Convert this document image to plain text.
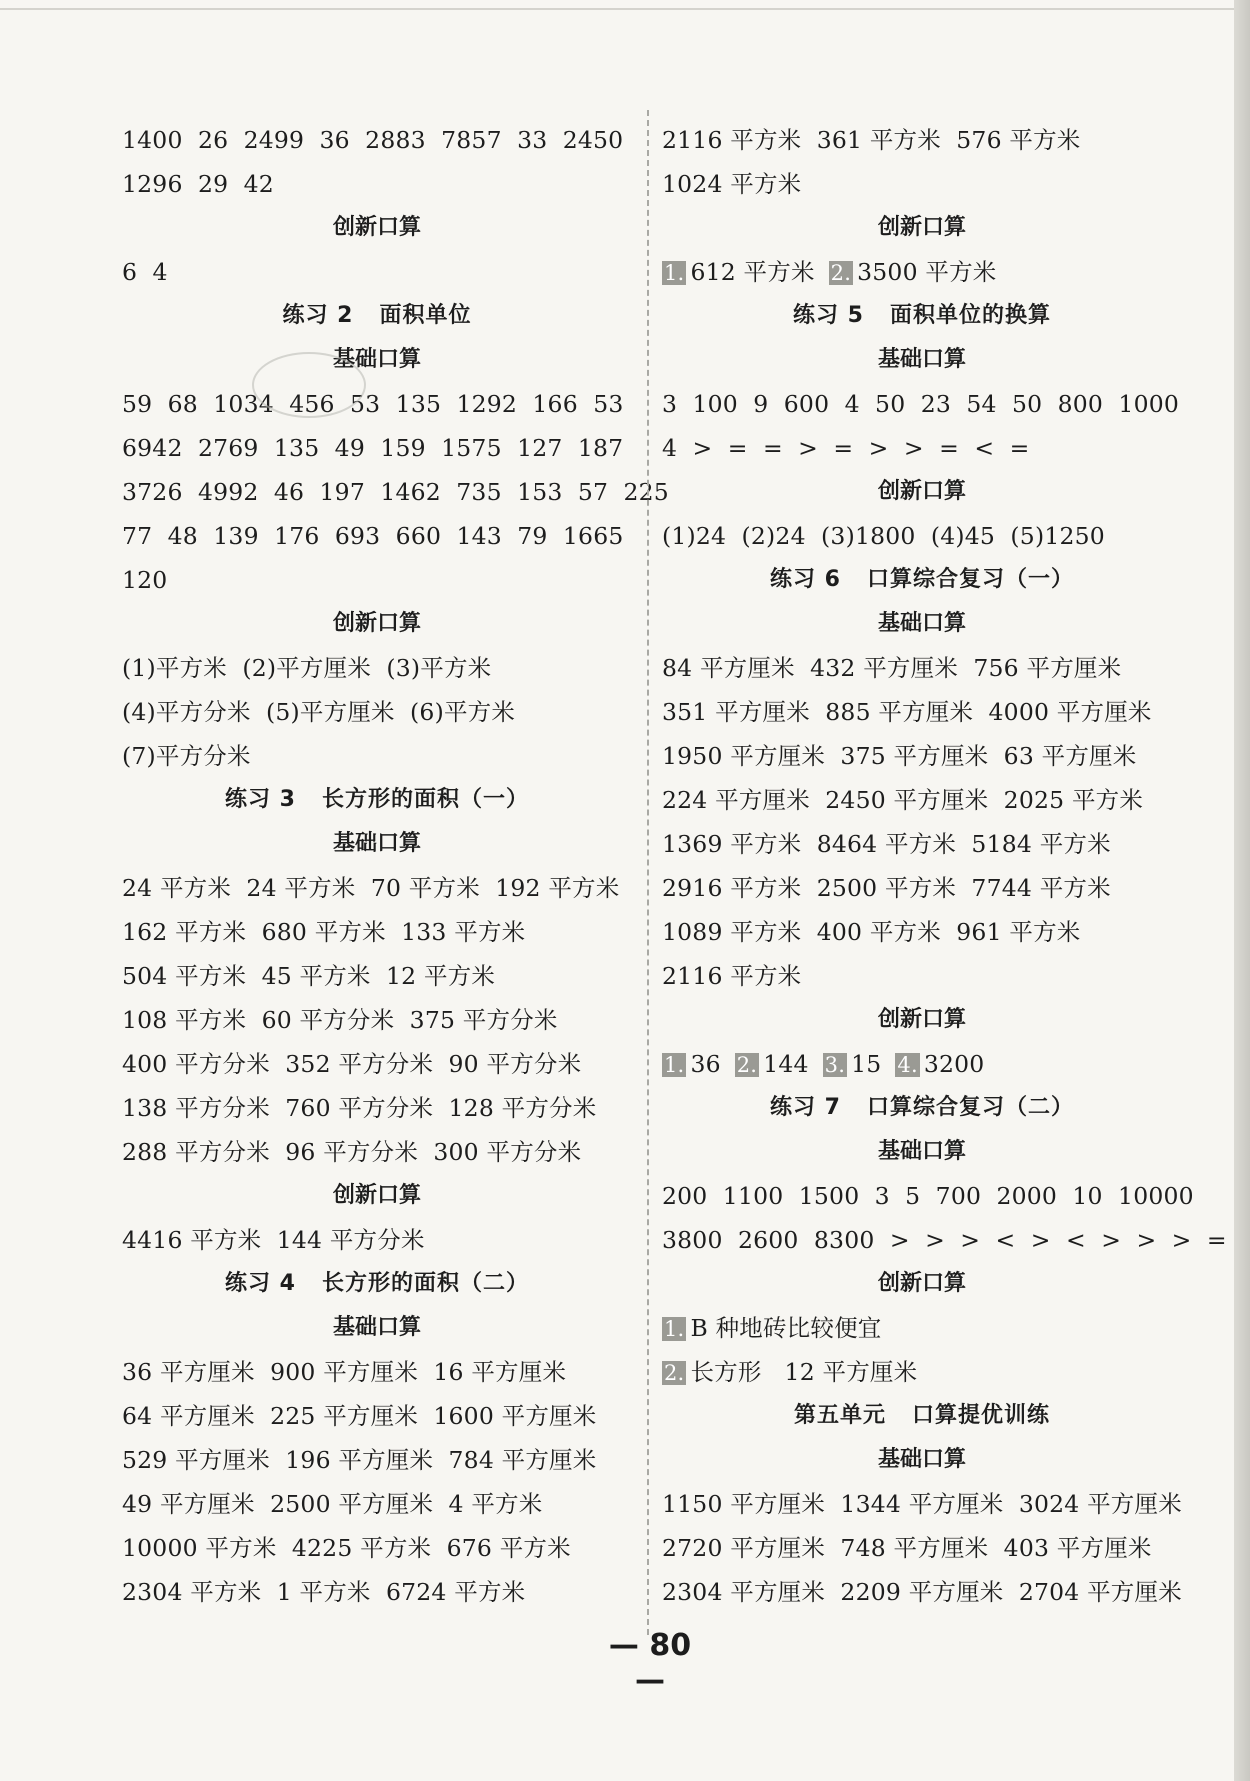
1400  26  2499  36  2883  7857  33  2450
1296  29  42
创新口算
6  4
练习 2   面积单位
基础口算
59  68  1034  456  53  135  1292  166  53
6942  2769  135  49  159  1575  127  187
3726  4992  46  197  1462  735  153  57  225
77  48  139  176  693  660  143  79  1665
120
创新口算
(1)平方米  (2)平方厘米  (3)平方米
(4)平方分米  (5)平方厘米  (6)平方米
(7)平方分米
练习 3   长方形的面积（一）
基础口算
24 平方米  24 平方米  70 平方米  192 平方米
162 平方米  680 平方米  133 平方米
504 平方米  45 平方米  12 平方米
108 平方米  60 平方分米  375 平方分米
400 平方分米  352 平方分米  90 平方分米
138 平方分米  760 平方分米  128 平方分米
288 平方分米  96 平方分米  300 平方分米
创新口算
4416 平方米  144 平方分米
练习 4   长方形的面积（二）
基础口算
36 平方厘米  900 平方厘米  16 平方厘米
64 平方厘米  225 平方厘米  1600 平方厘米
529 平方厘米  196 平方厘米  784 平方厘米
49 平方厘米  2500 平方厘米  4 平方米
10000 平方米  4225 平方米  676 平方米
2304 平方米  1 平方米  6724 平方米
2116 平方米  361 平方米  576 平方米
1024 平方米
创新口算
1. 612 平方米 2. 3500 平方米
练习 5   面积单位的换算
基础口算
3  100  9  600  4  50  23  54  50  800  1000
4  >  =  =  >  =  >  >  =  <  =
创新口算
(1)24  (2)24  (3)1800  (4)45  (5)1250
练习 6   口算综合复习（一）
基础口算
84 平方厘米  432 平方厘米  756 平方厘米
351 平方厘米  885 平方厘米  4000 平方厘米
1950 平方厘米  375 平方厘米  63 平方厘米
224 平方厘米  2450 平方厘米  2025 平方米
1369 平方米  8464 平方米  5184 平方米
2916 平方米  2500 平方米  7744 平方米
1089 平方米  400 平方米  961 平方米
2116 平方米
创新口算
1. 36 2. 144 3. 15 4. 3200
练习 7   口算综合复习（二）
基础口算
200  1100  1500  3  5  700  2000  10  10000
3800  2600  8300  >  >  >  <  >  <  >  >  >  =
创新口算
1. B 种地砖比较便宜
2. 长方形   12 平方厘米
第五单元   口算提优训练
基础口算
1150 平方厘米  1344 平方厘米  3024 平方厘米
2720 平方厘米  748 平方厘米  403 平方厘米
2304 平方厘米  2209 平方厘米  2704 平方厘米
— 80 —
